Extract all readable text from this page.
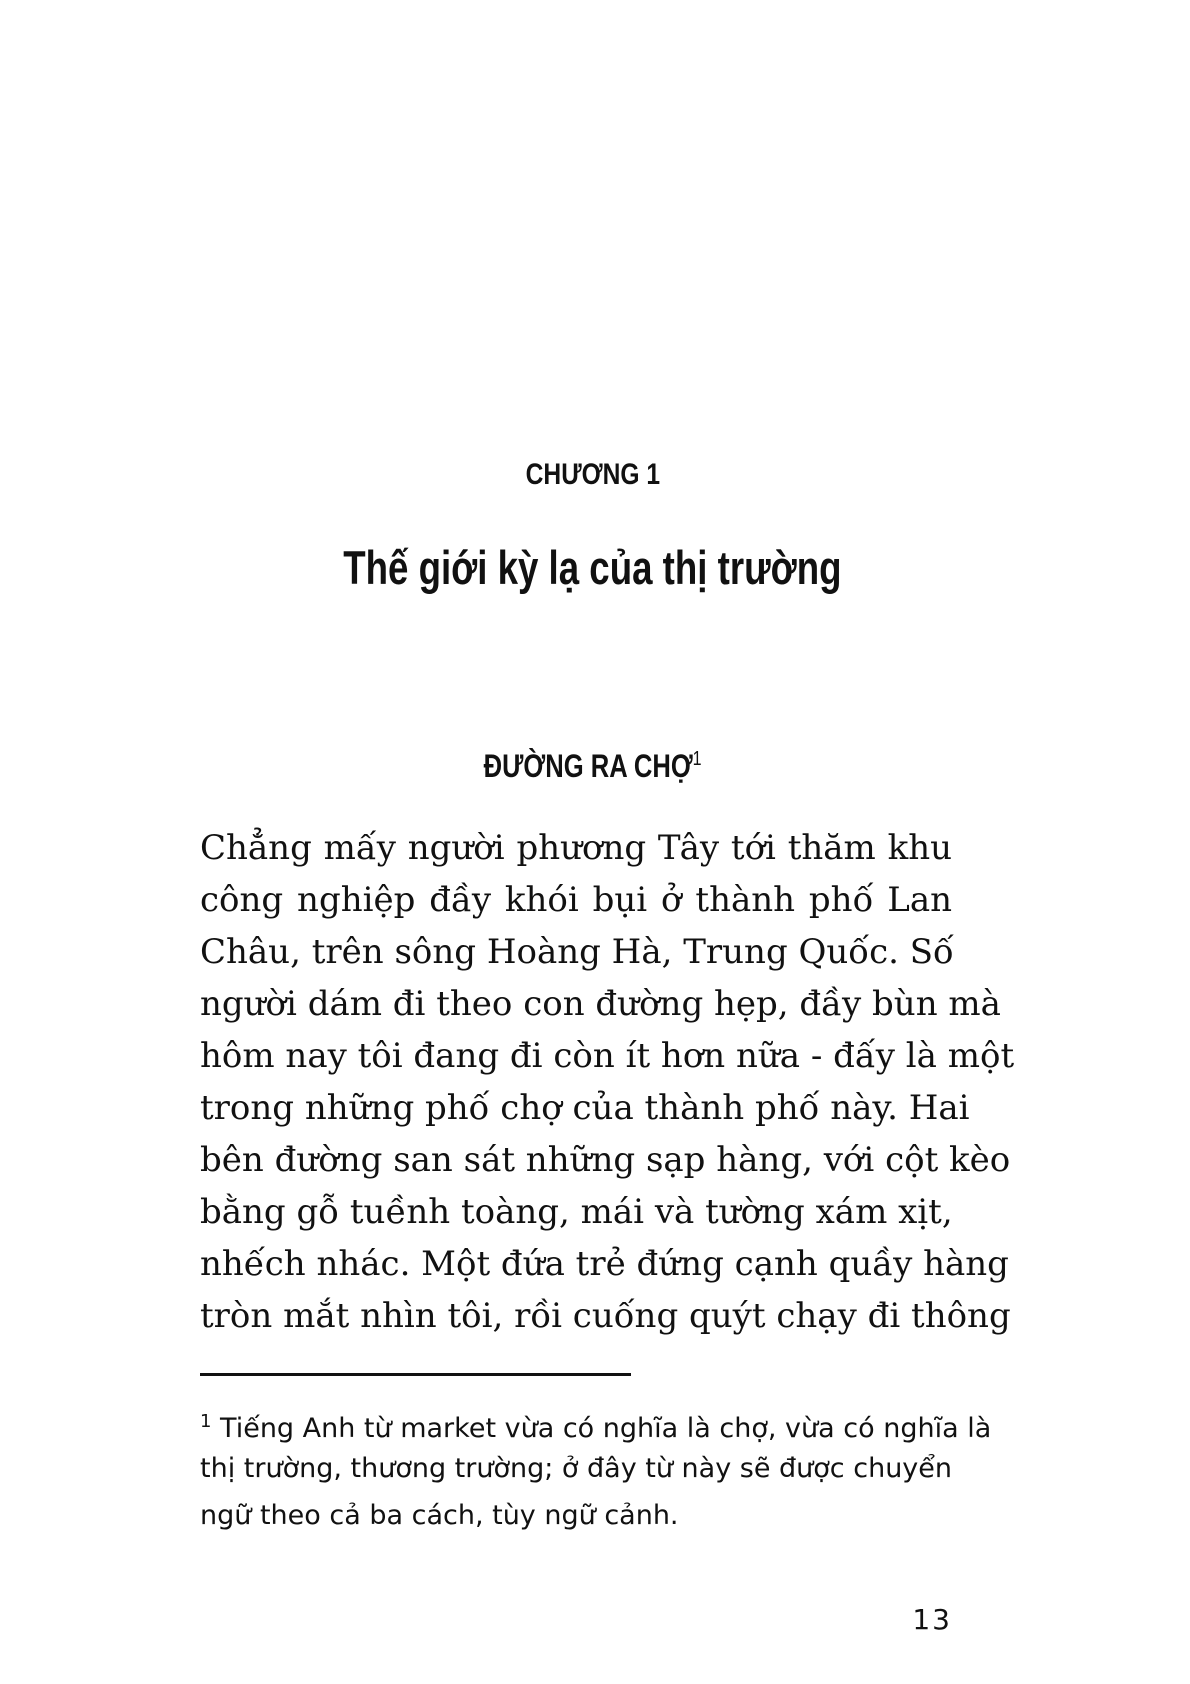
CHƯƠNG 1
Thế giới kỳ lạ của thị trường
ĐƯỜNG RA CHỢ$^1$
Chẳng mấy người phương Tây tới thăm khu
công nghiệp đầy khói bụi ở thành phố Lan
Châu, trên sông Hoàng Hà, Trung Quốc. Số
người dám đi theo con đường hẹp, đầy bùn mà
hôm nay tôi đang đi còn ít hơn nữa - đấy là một
trong những phố chợ của thành phố này. Hai
bên đường san sát những sạp hàng, với cột kèo
bằng gỗ tuềnh toàng, mái và tường xám xịt,
nhếch nhác. Một đứa trẻ đứng cạnh quầy hàng
tròn mắt nhìn tôi, rồi cuống quýt chạy đi thông
$^1$ Tiếng Anh từ market vừa có nghĩa là chợ, vừa có nghĩa là
thị trường, thương trường; ở đây từ này sẽ được chuyển
ngữ theo cả ba cách, tùy ngữ cảnh.
13
